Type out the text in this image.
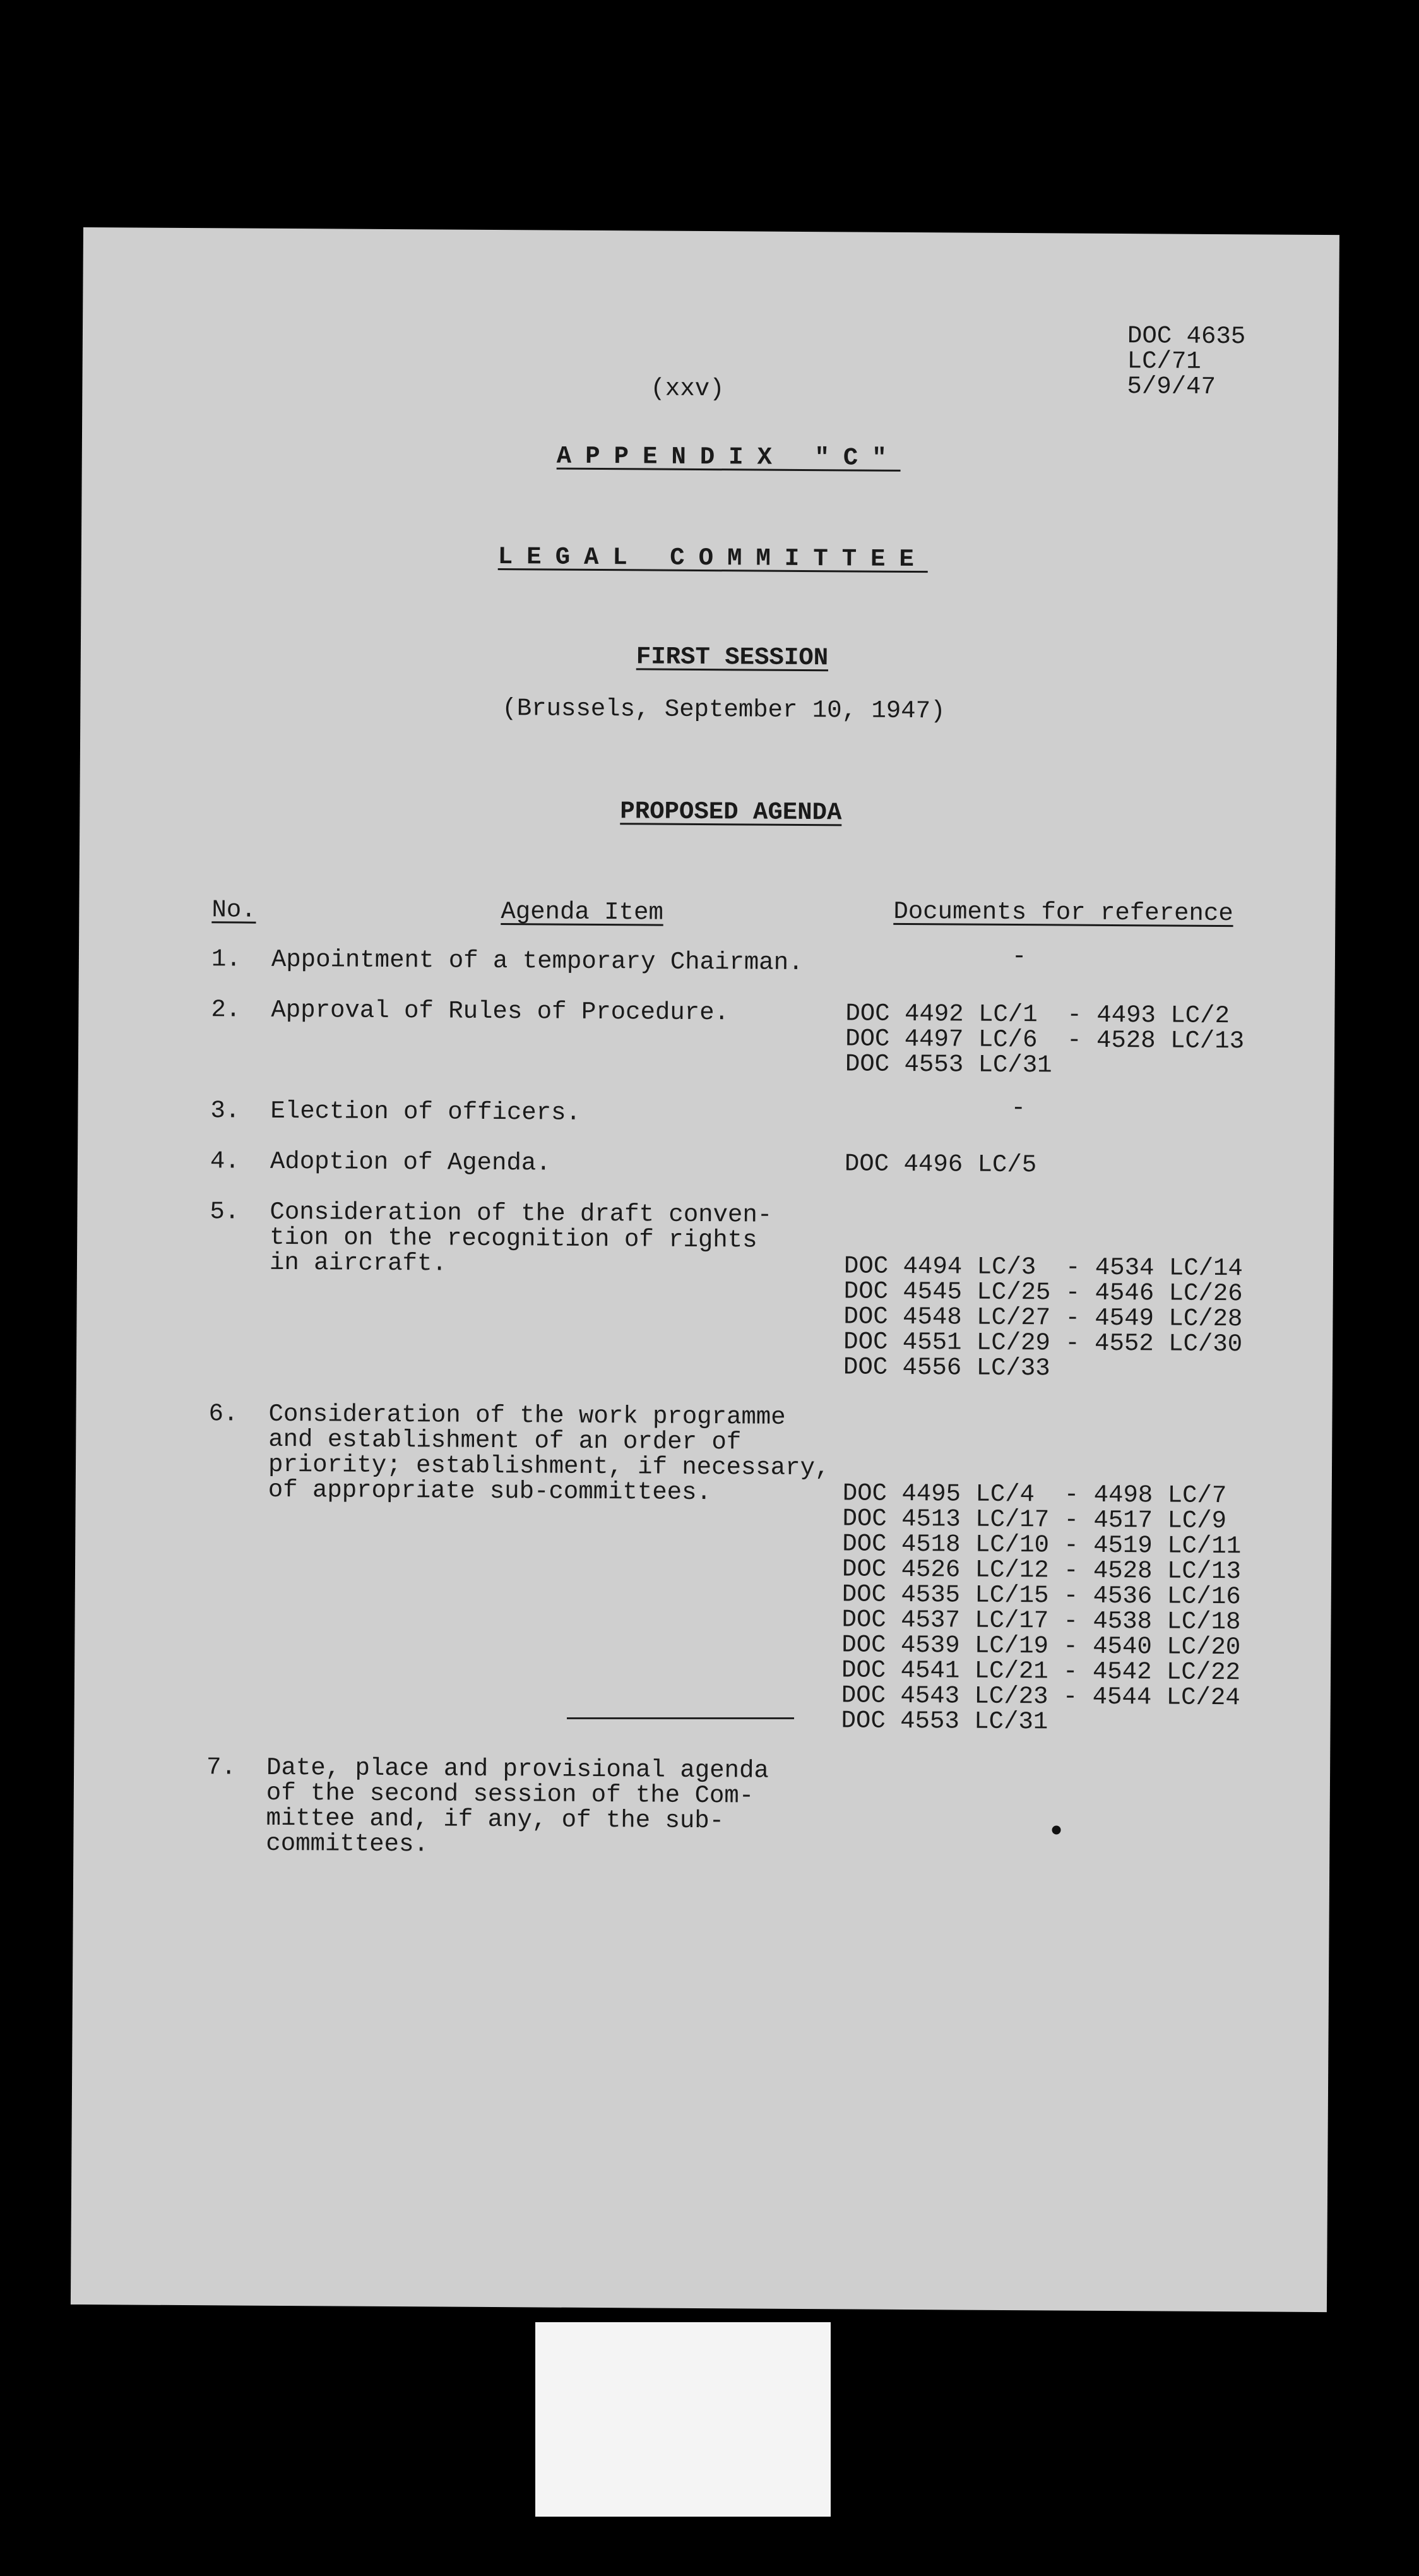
DOC 4635
LC/71
5/9/47
(xxv)
APPENDIX "C"
LEGAL COMMITTEE
FIRST SESSION
(Brussels, September 10, 1947)
PROPOSED AGENDA
No.	Agenda Item	Documents for reference
1. Appointment of a temporary Chairman.	-
2. Approval of Rules of Procedure.	DOC 4492 LC/1  - 4493 LC/2
DOC 4497 LC/6  - 4528 LC/13
DOC 4553 LC/31
3. Election of officers.	-
4. Adoption of Agenda.	DOC 4496 LC/5
5. Consideration of the draft conven-
tion on the recognition of rights
in aircraft.	DOC 4494 LC/3  - 4534 LC/14
DOC 4545 LC/25 - 4546 LC/26
DOC 4548 LC/27 - 4549 LC/28
DOC 4551 LC/29 - 4552 LC/30
DOC 4556 LC/33
6. Consideration of the work programme
and establishment of an order of
priority; establishment, if necessary,
of appropriate sub-committees.	DOC 4495 LC/4  - 4498 LC/7
DOC 4513 LC/17 - 4517 LC/9
DOC 4518 LC/10 - 4519 LC/11
DOC 4526 LC/12 - 4528 LC/13
DOC 4535 LC/15 - 4536 LC/16
DOC 4537 LC/17 - 4538 LC/18
DOC 4539 LC/19 - 4540 LC/20
DOC 4541 LC/21 - 4542 LC/22
DOC 4543 LC/23 - 4544 LC/24
DOC 4553 LC/31
7. Date, place and provisional agenda
of the second session of the Com-
mittee and, if any, of the sub-
committees.
